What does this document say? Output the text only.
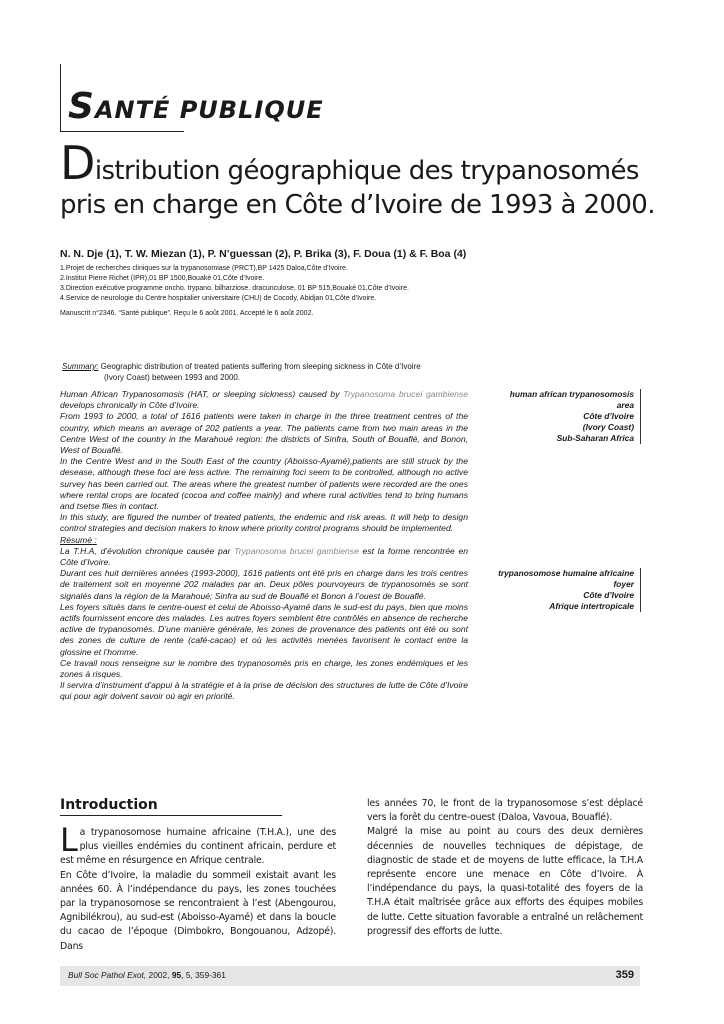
SANTÉ PUBLIQUE
Distribution géographique des trypanosomés pris en charge en Côte d’Ivoire de 1993 à 2000.
N. N. Dje (1), T. W. Miezan (1), P. N’guessan (2), P. Brika (3), F. Doua (1) & F. Boa (4)
1.Projet de recherches cliniques sur la trypanosomiase (PRCT),BP 1425 Daloa,Côte d’Ivoire.
2.Institut Pierre Richet (IPR),01 BP 1500,Bouaké 01,Côte d’Ivoire.
3.Direction exécutive programme oncho. trypano. bilharziose. dracunculose, 01 BP 515,Bouaké 01,Côte d’Ivoire.
4.Service de neurologie du Centre hospitalier universitaire (CHU) de Cocody, Abidjan 01,Côte d’Ivoire.
Manuscrit n°2346. “Santé publique”. Reçu le 6 août 2001. Accepté le 6 août 2002.
Summary: Geographic distribution of treated patients suffering from sleeping sickness in Côte d’Ivoire
(Ivory Coast) between 1993 and 2000.

Human African Trypanosomosis (HAT, or sleeping sickness) caused by Trypanosoma brucei gambiense develops chronically in Côte d’Ivoire.

From 1993 to 2000, a total of 1616 patients were taken in charge in the three treatment centres of the country, which means an average of 202 patients a year. The patients came from two main areas in the Centre West of the country in the Marahoué region: the districts of Sinfra, South of Bouaflé, and Bonon, West of Bouaflé.

In the Centre West and in the South East of the country (Aboisso-Ayamé),patients are still struck by the desease, although these foci are less active. The remaining foci seem to be controlled, although no active survey has been carried out. The areas where the greatest number of patients were recorded are the ones where rental crops are located (cocoa and coffee mainly) and where rural activities tend to bring humans and tsetse flies in contact.

In this study, are figured the number of treated patients, the endemic and risk areas. It will help to design control strategies and decision makers to know where priority control programs should be implemented.

Résumé :

La T.H.A, d’évolution chronique causée par Trypanosoma brucei gambiense est la forme rencontrée en Côte d’Ivoire.

Durant ces huit dernières années (1993-2000), 1616 patients ont été pris en charge dans les trois centres de traitement soit en moyenne 202 malades par an. Deux pôles pourvoyeurs de trypanosomés se sont signalés dans la région de la Marahoué; Sinfra au sud de Bouaflé et Bonon à l’ouest de Bouaflé.

Les foyers situés dans le centre-ouest et celui de Aboisso-Ayamé dans le sud-est du pays, bien que moins actifs fournissent encore des malades. Les autres foyers semblent être contrôlés en absence de recherche active de trypanosomés. D’une manière générale, les zones de provenance des patients ont été ou sont des zones de culture de rente (café-cacao) et où les activités menées favorisent le contact entre la glossine et l’homme.

Ce travail nous renseigne sur le nombre des trypanosomés pris en charge, les zones endémiques et les zones à risques.

Il servira d’instrument d’appui à la stratégie et à la prise de décision des structures de lutte de Côte d’Ivoire qui pour agir doivent savoir où agir en priorité.

human african trypanosomosis
area
Côte d’Ivoire
(Ivory Coast)
Sub-Saharan Africa
trypanosomose humaine africaine
foyer
Côte d’Ivoire
Afrique intertropicale
Introduction

La trypanosomose humaine africaine (T.H.A.), une des plus vieilles endémies du continent africain, perdure et est même en résurgence en Afrique centrale.

En Côte d’Ivoire, la maladie du sommeil existait avant les années 60. À l’indépendance du pays, les zones touchées par la trypanosomose se rencontraient à l’est (Abengourou, Agnibilékrou), au sud-est (Aboisso-Ayamé) et dans la boucle du cacao de l’époque (Dimbokro, Bongouanou, Adzopé). Dans

les années 70, le front de la trypanosomose s’est déplacé vers la forêt du centre-ouest (Daloa, Vavoua, Bouaflé).

Malgré la mise au point au cours des deux dernières décennies de nouvelles techniques de dépistage, de diagnostic de stade et de moyens de lutte efficace, la T.H.A représente encore une menace en Côte d’Ivoire. À l’indépendance du pays, la quasi-totalité des foyers de la T.H.A était maîtrisée grâce aux efforts des équipes mobiles de lutte. Cette situation favorable a entraîné un relâchement progressif des efforts de lutte.

Bull Soc Pathol Exot, 2002, 95, 5, 359-361	359
